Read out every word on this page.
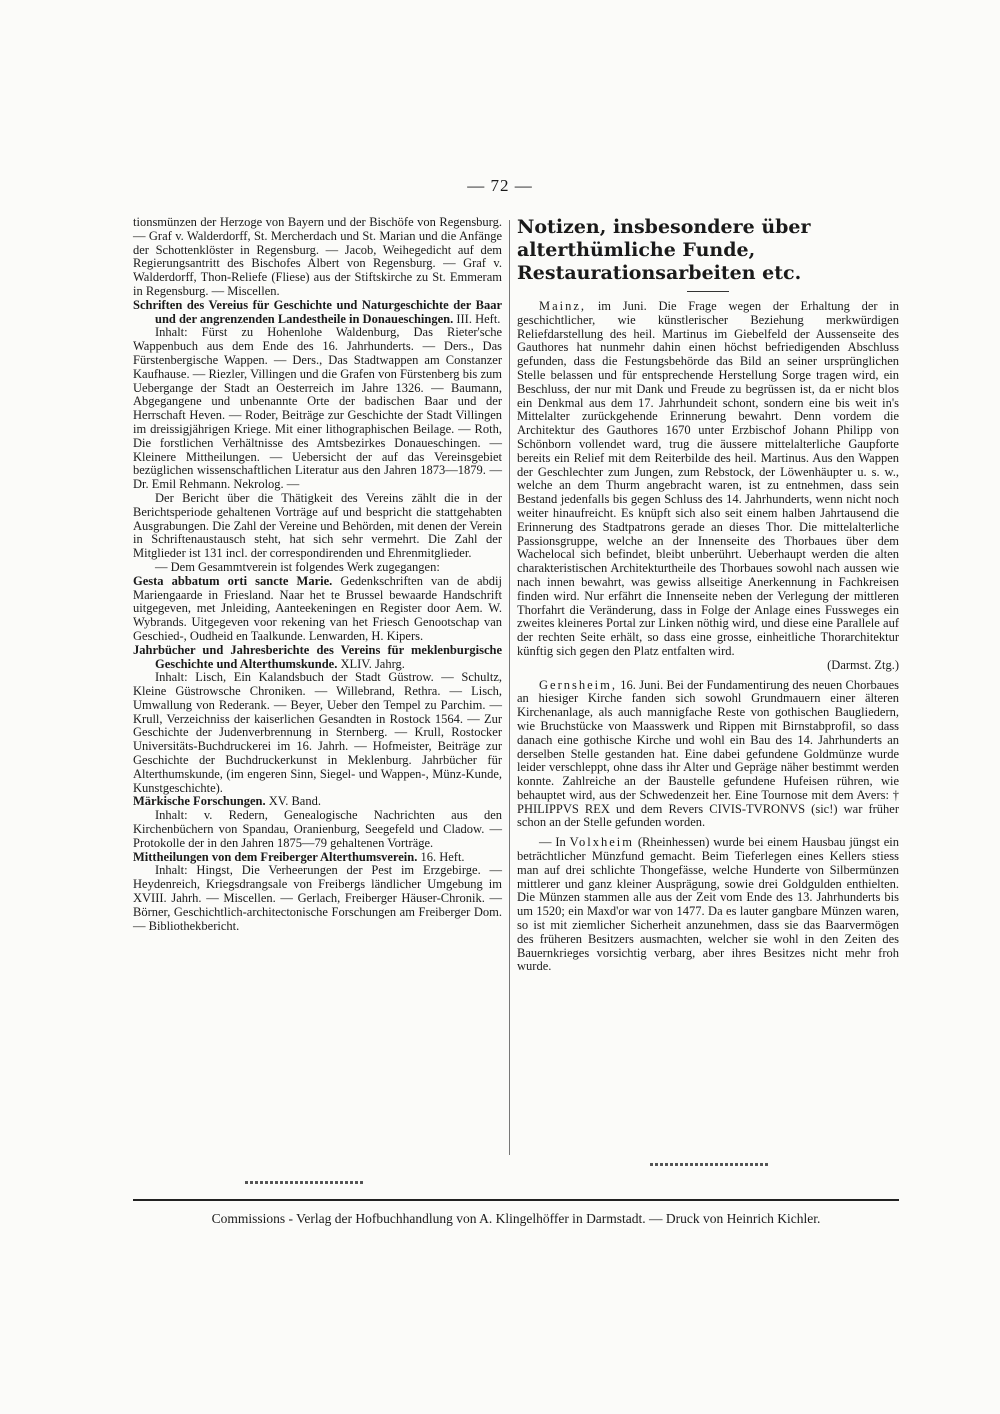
— 72 —

tionsmünzen der Herzoge von Bayern und der Bischöfe von Regensburg. — Graf v. Walderdorff, St. Mercherdach und St. Marian und die Anfänge der Schottenklöster in Regensburg. — Jacob, Weihegedicht auf dem Regierungsantritt des Bischofes Albert von Regensburg. — Graf v. Walderdorff, Thon-Reliefe (Fliese) aus der Stiftskirche zu St. Emmeram in Regensburg. — Miscellen.

Schriften des Vereius für Geschichte und Naturgeschichte der Baar und der angrenzenden Landestheile in Donaueschingen. III. Heft.

Inhalt: Fürst zu Hohenlohe Waldenburg, Das Rieter'sche Wappenbuch aus dem Ende des 16. Jahrhunderts. — Ders., Das Fürstenbergische Wappen. — Ders., Das Stadtwappen am Constanzer Kaufhause. — Riezler, Villingen und die Grafen von Fürstenberg bis zum Uebergange der Stadt an Oesterreich im Jahre 1326. — Baumann, Abgegangene und unbenannte Orte der badischen Baar und der Herrschaft Heven. — Roder, Beiträge zur Geschichte der Stadt Villingen im dreissigjährigen Kriege. Mit einer lithographischen Beilage. — Roth, Die forstlichen Verhältnisse des Amtsbezirkes Donaueschingen. — Kleinere Mittheilungen. — Uebersicht der auf das Vereinsgebiet bezüglichen wissenschaftlichen Literatur aus den Jahren 1873—1879. — Dr. Emil Rehmann. Nekrolog. —

Der Bericht über die Thätigkeit des Vereins zählt die in der Berichtsperiode gehaltenen Vorträge auf und bespricht die stattgehabten Ausgrabungen. Die Zahl der Vereine und Behörden, mit denen der Verein in Schriftenaustausch steht, hat sich sehr vermehrt. Die Zahl der Mitglieder ist 131 incl. der correspondirenden und Ehrenmitglieder.

— Dem Gesammtverein ist folgendes Werk zugegangen:

Gesta abbatum orti sancte Marie. Gedenkschriften van de abdij Mariengaarde in Friesland. Naar het te Brussel bewaarde Handschrift uitgegeven, met Jnleiding, Aanteekeningen en Register door Aem. W. Wybrands. Uitgegeven voor rekening van het Friesch Genootschap van Geschied-, Oudheid en Taalkunde. Lenwarden, H. Kipers.

Jahrbücher und Jahresberichte des Vereins für meklenburgische Geschichte und Alterthumskunde. XLIV. Jahrg.

Inhalt: Lisch, Ein Kalandsbuch der Stadt Güstrow. — Schultz, Kleine Güstrowsche Chroniken. — Willebrand, Rethra. — Lisch, Umwallung von Rederank. — Beyer, Ueber den Tempel zu Parchim. — Krull, Verzeichniss der kaiserlichen Gesandten in Rostock 1564. — Zur Geschichte der Judenverbrennung in Sternberg. — Krull, Rostocker Universitäts-Buchdruckerei im 16. Jahrh. — Hofmeister, Beiträge zur Geschichte der Buchdruckerkunst in Meklenburg. Jahrbücher für Alterthumskunde, (im engeren Sinn, Siegel- und Wappen-, Münz-Kunde, Kunstgeschichte).

Märkische Forschungen. XV. Band.

Inhalt: v. Redern, Genealogische Nachrichten aus den Kirchenbüchern von Spandau, Oranienburg, Seegefeld und Cladow. — Protokolle der in den Jahren 1875—79 gehaltenen Vorträge.

Mittheilungen von dem Freiberger Alterthumsverein. 16. Heft.

Inhalt: Hingst, Die Verheerungen der Pest im Erzgebirge. — Heydenreich, Kriegsdrangsale von Freibergs ländlicher Umgebung im XVIII. Jahrh. — Miscellen. — Gerlach, Freiberger Häuser-Chronik. — Börner, Geschichtlich-architectonische Forschungen am Freiberger Dom. — Bibliothekbericht.

Notizen, insbesondere über alterthümliche Funde, Restaurationsarbeiten etc.

Mainz, im Juni. Die Frage wegen der Erhaltung der in geschichtlicher, wie künstlerischer Beziehung merkwürdigen Reliefdarstellung des heil. Martinus im Giebelfeld der Aussenseite des Gauthores hat nunmehr dahin einen höchst befriedigenden Abschluss gefunden, dass die Festungsbehörde das Bild an seiner ursprünglichen Stelle belassen und für entsprechende Herstellung Sorge tragen wird, ein Beschluss, der nur mit Dank und Freude zu begrüssen ist, da er nicht blos ein Denkmal aus dem 17. Jahrhundeit schont, sondern eine bis weit in's Mittelalter zurückgehende Erinnerung bewahrt. Denn vordem die Architektur des Gauthores 1670 unter Erzbischof Johann Philipp von Schönborn vollendet ward, trug die äussere mittelalterliche Gaupforte bereits ein Relief mit dem Reiterbilde des heil. Martinus. Aus den Wappen der Geschlechter zum Jungen, zum Rebstock, der Löwenhäupter u. s. w., welche an dem Thurm angebracht waren, ist zu entnehmen, dass sein Bestand jedenfalls bis gegen Schluss des 14. Jahrhunderts, wenn nicht noch weiter hinaufreicht. Es knüpft sich also seit einem halben Jahrtausend die Erinnerung des Stadtpatrons gerade an dieses Thor. Die mittelalterliche Passionsgruppe, welche an der Innenseite des Thorbaues über dem Wachelocal sich befindet, bleibt unberührt. Ueberhaupt werden die alten charakteristischen Architekturtheile des Thorbaues sowohl nach aussen wie nach innen bewahrt, was gewiss allseitige Anerkennung in Fachkreisen finden wird. Nur erfährt die Innenseite neben der Verlegung der mittleren Thorfahrt die Veränderung, dass in Folge der Anlage eines Fussweges ein zweites kleineres Portal zur Linken nöthig wird, und diese eine Parallele auf der rechten Seite erhält, so dass eine grosse, einheitliche Thorarchitektur künftig sich gegen den Platz entfalten wird.

(Darmst. Ztg.)

Gernsheim, 16. Juni. Bei der Fundamentirung des neuen Chorbaues an hiesiger Kirche fanden sich sowohl Grundmauern einer älteren Kirchenanlage, als auch mannigfache Reste von gothischen Baugliedern, wie Bruchstücke von Maasswerk und Rippen mit Birnstabprofil, so dass danach eine gothische Kirche und wohl ein Bau des 14. Jahrhunderts an derselben Stelle gestanden hat. Eine dabei gefundene Goldmünze wurde leider verschleppt, ohne dass ihr Alter und Gepräge näher bestimmt werden konnte. Zahlreiche an der Baustelle gefundene Hufeisen rühren, wie behauptet wird, aus der Schwedenzeit her. Eine Tournose mit dem Avers: † PHILIPPVS REX und dem Revers CIVIS-TVRONVS (sic!) war früher schon an der Stelle gefunden worden.

— In Volxheim (Rheinhessen) wurde bei einem Hausbau jüngst ein beträchtlicher Münzfund gemacht. Beim Tieferlegen eines Kellers stiess man auf drei schlichte Thongefässe, welche Hunderte von Silbermünzen mittlerer und ganz kleiner Ausprägung, sowie drei Goldgulden enthielten. Die Münzen stammen alle aus der Zeit vom Ende des 13. Jahrhunderts bis um 1520; ein Maxd'or war von 1477. Da es lauter gangbare Münzen waren, so ist mit ziemlicher Sicherheit anzunehmen, dass sie das Baarvermögen des früheren Besitzers ausmachten, welcher sie wohl in den Zeiten des Bauernkrieges vorsichtig verbarg, aber ihres Besitzes nicht mehr froh wurde.

Commissions - Verlag der Hofbuchhandlung von A. Klingelhöffer in Darmstadt. — Druck von Heinrich Kichler.
